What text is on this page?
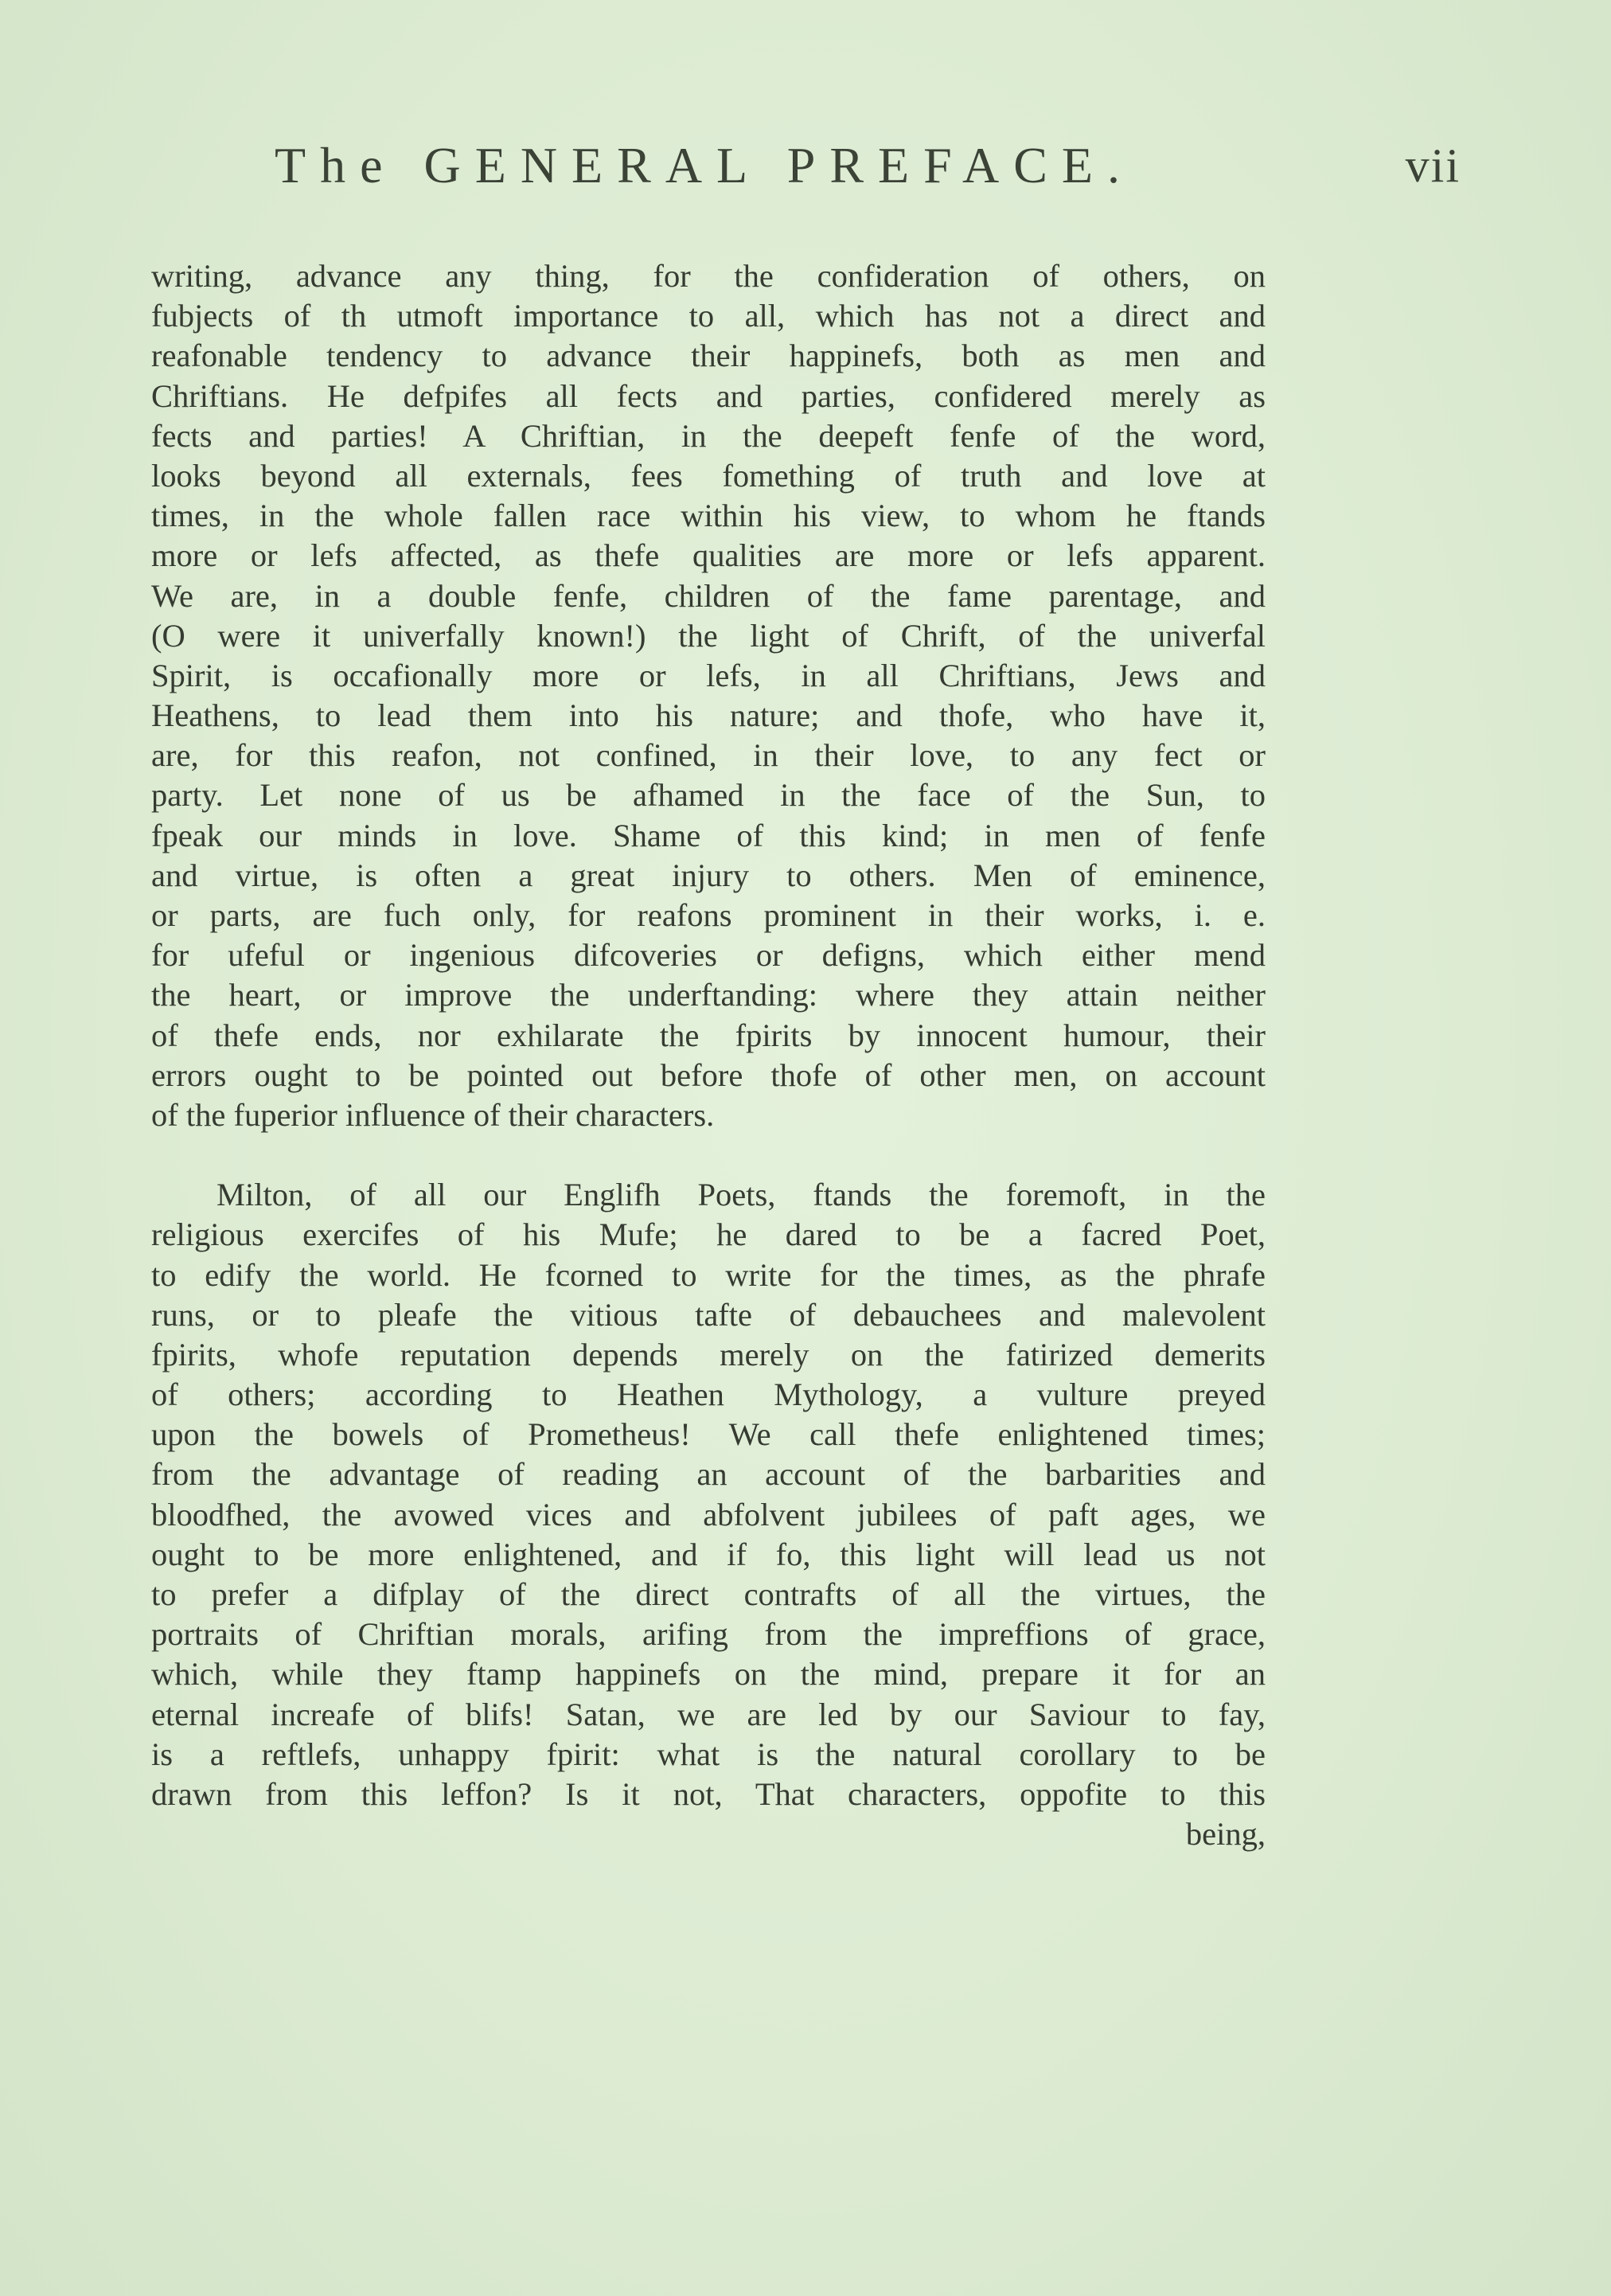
The GENERAL PREFACE.	vii
writing, advance any thing, for the confideration of others, on
fubjects of th utmoft importance to all, which has not a direct and
reafonable tendency to advance their happinefs, both as men and
Chriftians. He defpifes all fects and parties, confidered merely as
fects and parties! A Chriftian, in the deepeft fenfe of the word,
looks beyond all externals, fees fomething of truth and love at
times, in the whole fallen race within his view, to whom he ftands
more or lefs affected, as thefe qualities are more or lefs apparent.
We are, in a double fenfe, children of the fame parentage, and
(O were it univerfally known!) the light of Chrift, of the univerfal
Spirit, is occafionally more or lefs, in all Chriftians, Jews and
Heathens, to lead them into his nature; and thofe, who have it,
are, for this reafon, not confined, in their love, to any fect or
party. Let none of us be afhamed in the face of the Sun, to
fpeak our minds in love. Shame of this kind; in men of fenfe
and virtue, is often a great injury to others. Men of eminence,
or parts, are fuch only, for reafons prominent in their works, i. e.
for ufeful or ingenious difcoveries or defigns, which either mend
the heart, or improve the underftanding: where they attain neither
of thefe ends, nor exhilarate the fpirits by innocent humour, their
errors ought to be pointed out before thofe of other men, on account
of the fuperior influence of their characters.
Milton, of all our Englifh Poets, ftands the foremoft, in the
religious exercifes of his Mufe; he dared to be a facred Poet,
to edify the world. He fcorned to write for the times, as the phrafe
runs, or to pleafe the vitious tafte of debauchees and malevolent
fpirits, whofe reputation depends merely on the fatirized demerits
of others; according to Heathen Mythology, a vulture preyed
upon the bowels of Prometheus! We call thefe enlightened times;
from the advantage of reading an account of the barbarities and
bloodfhed, the avowed vices and abfolvent jubilees of paft ages, we
ought to be more enlightened, and if fo, this light will lead us not
to prefer a difplay of the direct contrafts of all the virtues, the
portraits of Chriftian morals, arifing from the impreffions of grace,
which, while they ftamp happinefs on the mind, prepare it for an
eternal increafe of blifs! Satan, we are led by our Saviour to fay,
is a reftlefs, unhappy fpirit: what is the natural corollary to be
drawn from this leffon? Is it not, That characters, oppofite to this
being,
